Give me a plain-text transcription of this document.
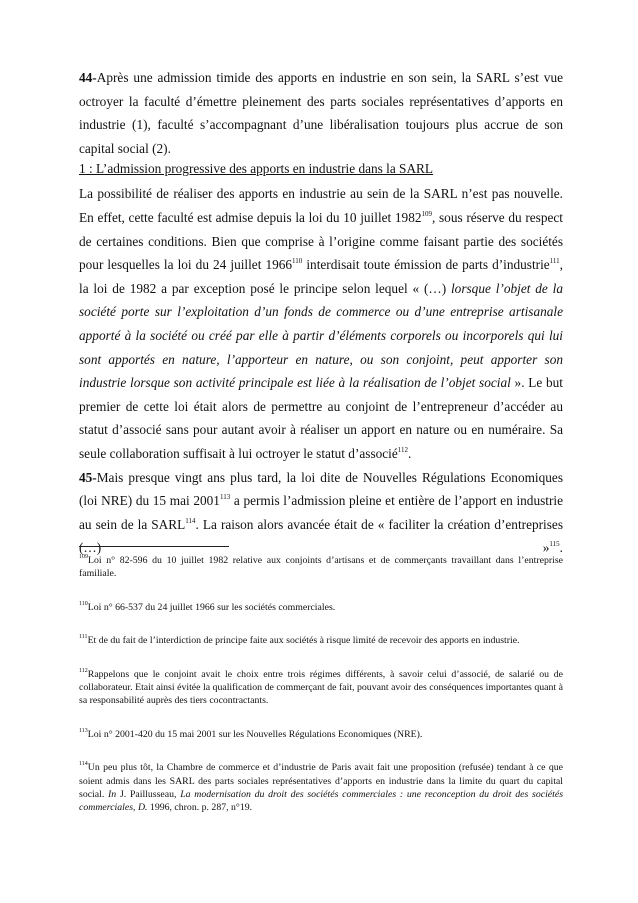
44-Après une admission timide des apports en industrie en son sein, la SARL s’est vue octroyer la faculté d’émettre pleinement des parts sociales représentatives d’apports en industrie (1), faculté s’accompagnant d’une libéralisation toujours plus accrue de son capital social (2).

1 : L’admission progressive des apports en industrie dans la SARL

La possibilité de réaliser des apports en industrie au sein de la SARL n’est pas nouvelle. En effet, cette faculté est admise depuis la loi du 10 juillet 1982$^{109}$, sous réserve du respect de certaines conditions. Bien que comprise à l’origine comme faisant partie des sociétés pour lesquelles la loi du 24 juillet 1966$^{110}$ interdisait toute émission de parts d’industrie$^{111}$, la loi de 1982 a par exception posé le principe selon lequel « (…) lorsque l’objet de la société porte sur l’exploitation d’un fonds de commerce ou d’une entreprise artisanale apporté à la société ou créé par elle à partir d’éléments corporels ou incorporels qui lui sont apportés en nature, l’apporteur en nature, ou son conjoint, peut apporter son industrie lorsque son activité principale est liée à la réalisation de l’objet social ». Le but premier de cette loi était alors de permettre au conjoint de l’entrepreneur d’accéder au statut d’associé sans pour autant avoir à réaliser un apport en nature ou en numéraire. Sa seule collaboration suffisait à lui octroyer le statut d’associé$^{112}$.

45-Mais presque vingt ans plus tard, la loi dite de Nouvelles Régulations Economiques (loi NRE) du 15 mai 2001$^{113}$ a permis l’admission pleine et entière de l’apport en industrie au sein de la SARL$^{114}$. La raison alors avancée était de « faciliter la création d’entreprises (…) »$^{115}$.

$^{109}$Loi n° 82-596 du 10 juillet 1982 relative aux conjoints d’artisans et de commerçants travaillant dans l’entreprise familiale.

$^{110}$Loi n° 66-537 du 24 juillet 1966 sur les sociétés commerciales.

$^{111}$Et de du fait de l’interdiction de principe faite aux sociétés à risque limité de recevoir des apports en industrie.

$^{112}$Rappelons que le conjoint avait le choix entre trois régimes différents, à savoir celui d’associé, de salarié ou de collaborateur. Etait ainsi évitée la qualification de commerçant de fait, pouvant avoir des conséquences importantes quant à sa responsabilité auprès des tiers cocontractants.

$^{113}$Loi n° 2001-420 du 15 mai 2001 sur les Nouvelles Régulations Economiques (NRE).

$^{114}$Un peu plus tôt, la Chambre de commerce et d’industrie de Paris avait fait une proposition (refusée) tendant à ce que soient admis dans les SARL des parts sociales représentatives d’apports en industrie dans la limite du quart du capital social. In J. Paillusseau, La modernisation du droit des sociétés commerciales : une reconception du droit des sociétés commerciales, D. 1996, chron. p. 287, n°19.
